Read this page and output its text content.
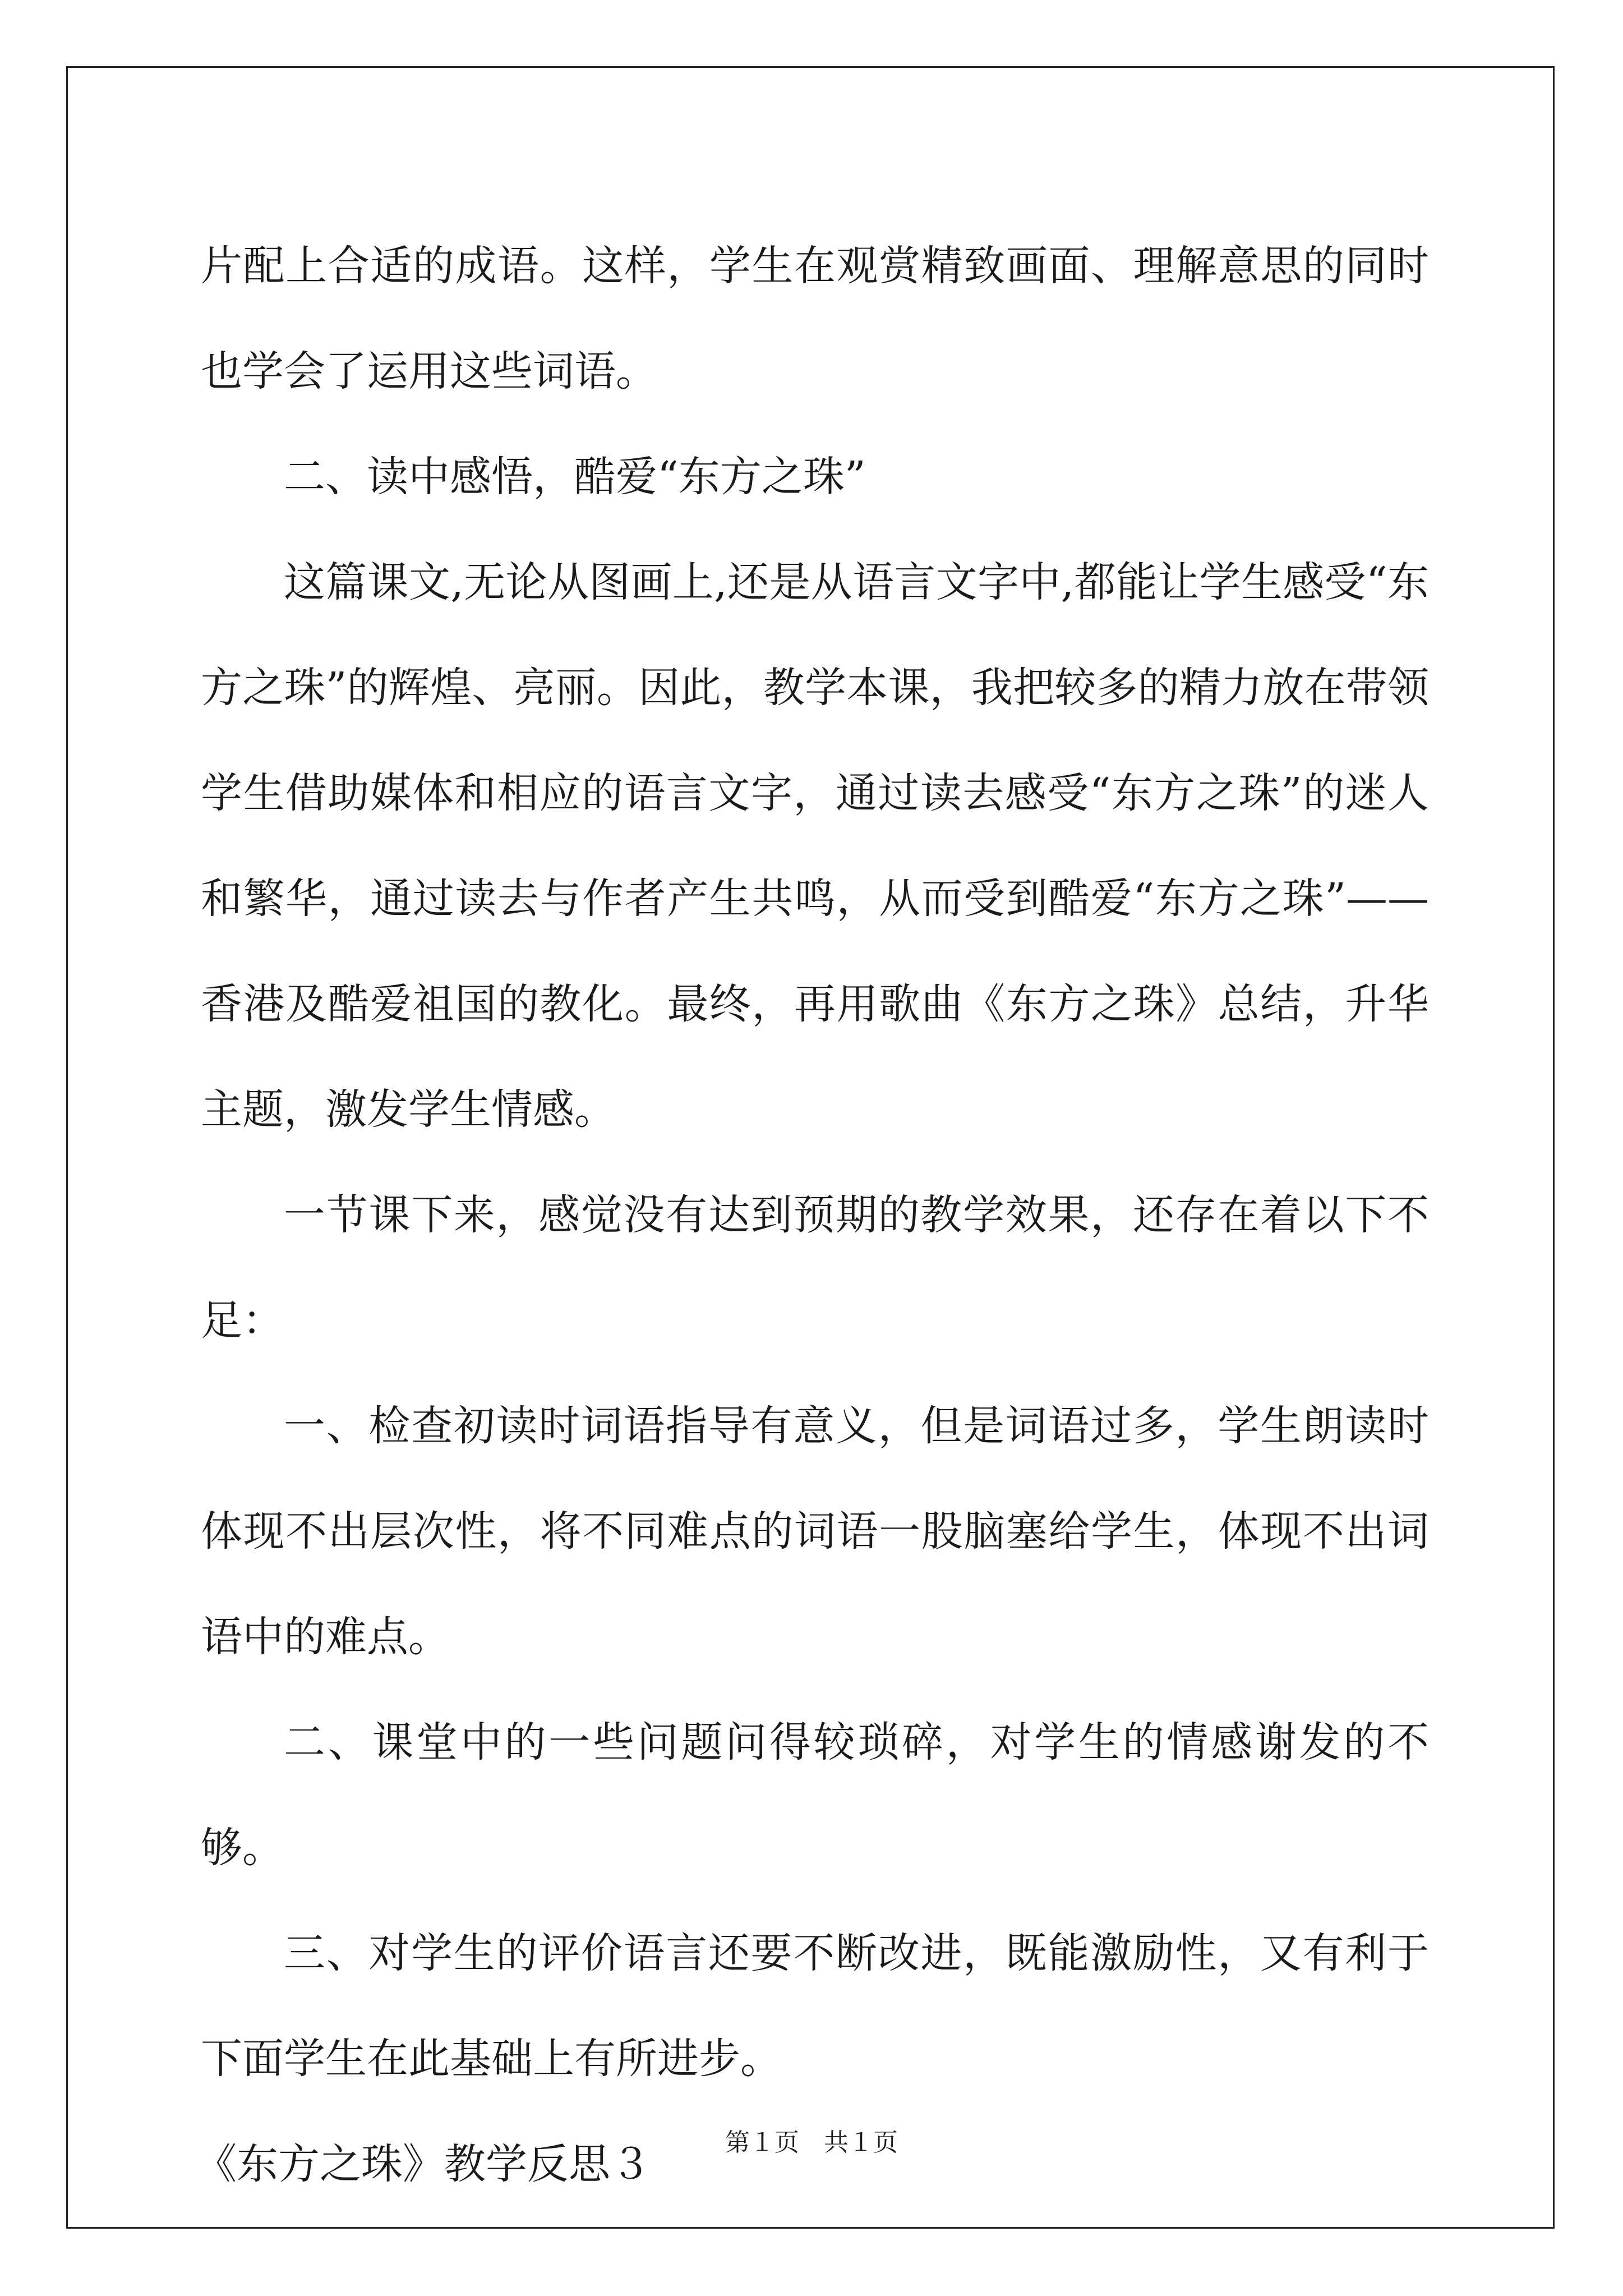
片配上合适的成语。这样，学生在观赏精致画面、理解意思的同时也学会了运用这些词语。

二、读中感悟，酷爱“东方之珠”

这篇课文,无论从图画上,还是从语言文字中,都能让学生感受“东方之珠”的辉煌、亮丽。因此，教学本课，我把较多的精力放在带领学生借助媒体和相应的语言文字，通过读去感受“东方之珠”的迷人和繁华，通过读去与作者产生共鸣，从而受到酷爱“东方之珠”——香港及酷爱祖国的教化。最终，再用歌曲《东方之珠》总结，升华主题，激发学生情感。

一节课下来，感觉没有达到预期的教学效果，还存在着以下不足：

一、检查初读时词语指导有意义，但是词语过多，学生朗读时体现不出层次性，将不同难点的词语一股脑塞给学生，体现不出词语中的难点。

二、课堂中的一些问题问得较琐碎，对学生的情感谢发的不够。

三、对学生的评价语言还要不断改进，既能激励性，又有利于下面学生在此基础上有所进步。

《东方之珠》教学反思３	第１页　共１页
